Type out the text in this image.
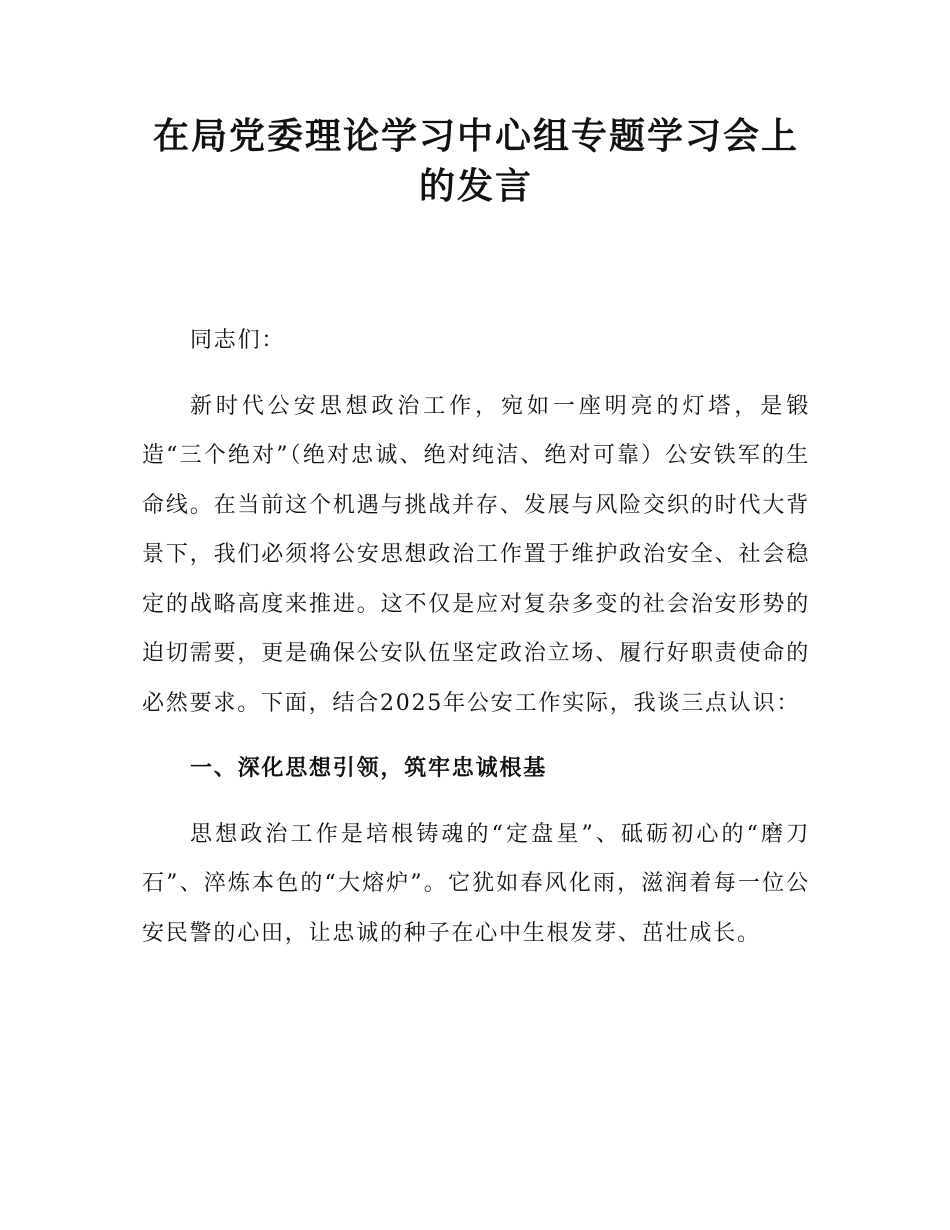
在局党委理论学习中心组专题学习会上的发言

同志们：

新时代公安思想政治工作，宛如一座明亮的灯塔，是锻造“三个绝对”（绝对忠诚、绝对纯洁、绝对可靠）公安铁军的生命线。在当前这个机遇与挑战并存、发展与风险交织的时代大背景下，我们必须将公安思想政治工作置于维护政治安全、社会稳定的战略高度来推进。这不仅是应对复杂多变的社会治安形势的迫切需要，更是确保公安队伍坚定政治立场、履行好职责使命的必然要求。下面，结合2025年公安工作实际，我谈三点认识：

一、深化思想引领，筑牢忠诚根基

思想政治工作是培根铸魂的“定盘星”、砥砺初心的“磨刀石”、淬炼本色的“大熔炉”。它犹如春风化雨，滋润着每一位公安民警的心田，让忠诚的种子在心中生根发芽、茁壮成长。
